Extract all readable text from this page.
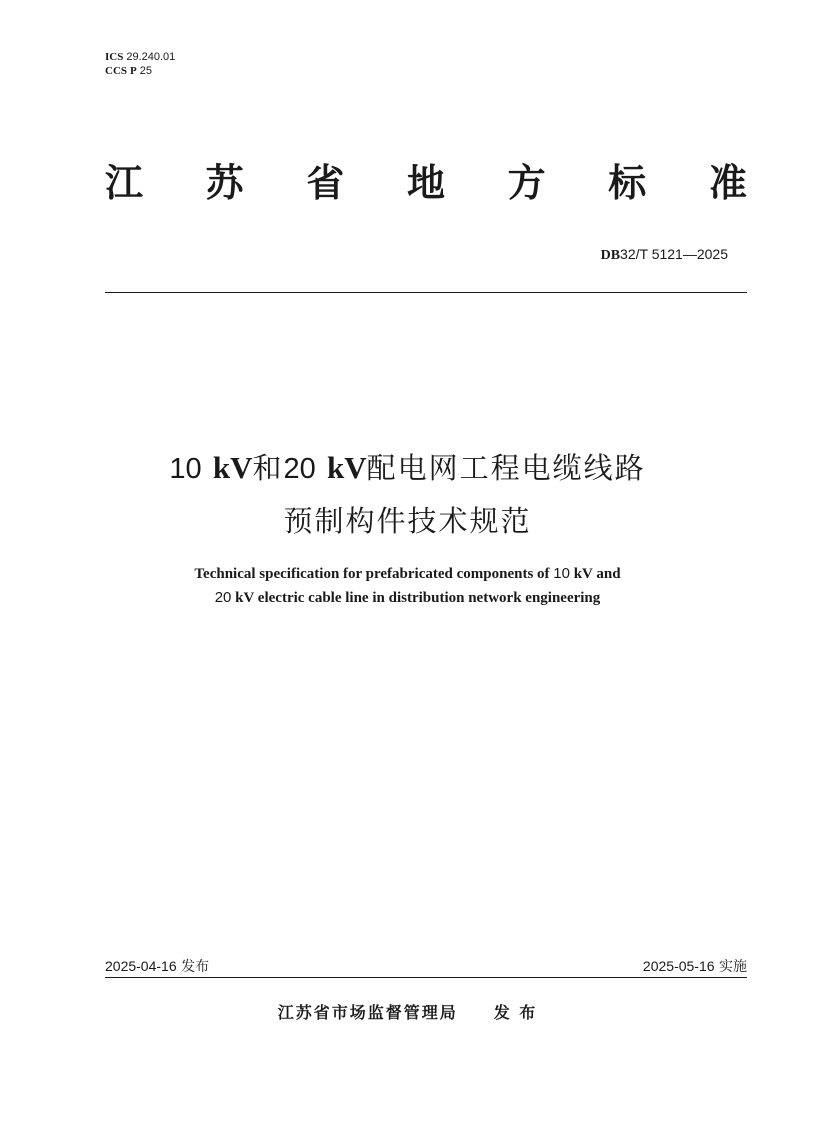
ICS 29.240.01
CCS P 25
江 苏 省 地 方 标 准
DB32/T 5121—2025
10 kV和20 kV配电网工程电缆线路
预制构件技术规范
Technical specification for prefabricated components of 10 kV and
20 kV electric cable line in distribution network engineering
2025-04-16 发布	2025-05-16 实施
江苏省市场监督管理局 发 布
